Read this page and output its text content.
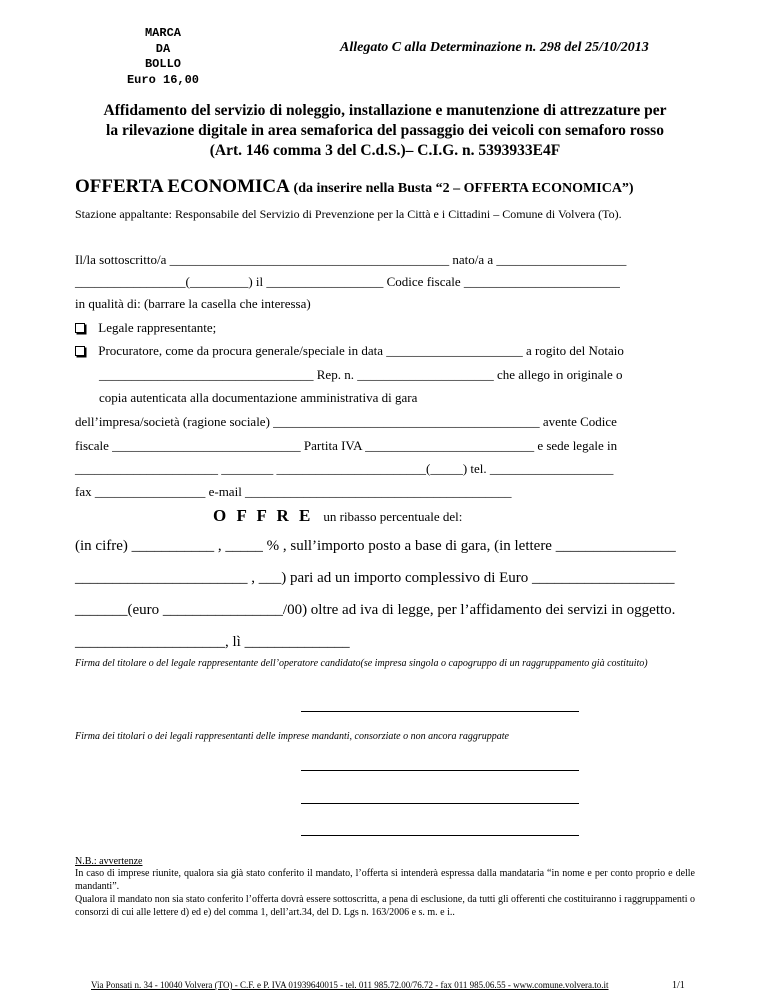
MARCA
DA
BOLLO
Euro 16,00
Allegato C alla Determinazione n. 298 del 25/10/2013
Affidamento del servizio di noleggio, installazione e manutenzione di attrezzature per
la rilevazione digitale in area semaforica del passaggio dei veicoli con semaforo rosso
(Art. 146 comma 3 del C.d.S.)– C.I.G. n. 5393933E4F
OFFERTA ECONOMICA (da inserire nella Busta “2 – OFFERTA ECONOMICA”)
Stazione appaltante: Responsabile del Servizio di Prevenzione per la Città e i Cittadini – Comune di Volvera (To).
Il/la sottoscritto/a ___________________________________________ nato/a a ____________________
_________________(_________) il __________________ Codice fiscale ________________________
in qualità di: (barrare la casella che interessa)
Legale rappresentante;
Procuratore, come da procura generale/speciale in data _____________________ a rogito del Notaio
_________________________________ Rep. n. _____________________ che allego in originale o
copia autenticata alla documentazione amministrativa di gara
dell’impresa/società (ragione sociale) _________________________________________ avente Codice
fiscale _____________________________ Partita IVA __________________________ e sede legale in
______________________ ________ _______________________(_____) tel. ___________________
fax _________________ e-mail _________________________________________
O F F R E un ribasso percentuale del:
(in cifre) ___________ , _____ % , sull’importo posto a base di gara, (in lettere ________________
_______________________ , ___) pari ad un importo complessivo di Euro ___________________
_______(euro ________________/00) oltre ad iva di legge, per l’affidamento dei servizi in oggetto.
____________________, lì ______________
Firma del titolare o del legale rappresentante dell’operatore candidato(se impresa singola o capogruppo di un raggruppamento già costituito)
Firma dei titolari o dei legali rappresentanti delle imprese mandanti, consorziate o non ancora raggruppate
N.B.: avvertenze
In caso di imprese riunite, qualora sia già stato conferito il mandato, l’offerta si intenderà espressa dalla mandataria “in nome e per conto proprio e delle mandanti”.
Qualora il mandato non sia stato conferito l’offerta dovrà essere sottoscritta, a pena di esclusione, da tutti gli offerenti che costituiranno i raggruppamenti o consorzi di cui alle lettere d) ed e) del comma 1, dell’art.34, del D. Lgs n. 163/2006 e s. m. e i..
Via Ponsati n. 34 - 10040 Volvera (TO) - C.F. e P. IVA 01939640015 - tel. 011 985.72.00/76.72 - fax 011 985.06.55 - www.comune.volvera.to.it	1/1
